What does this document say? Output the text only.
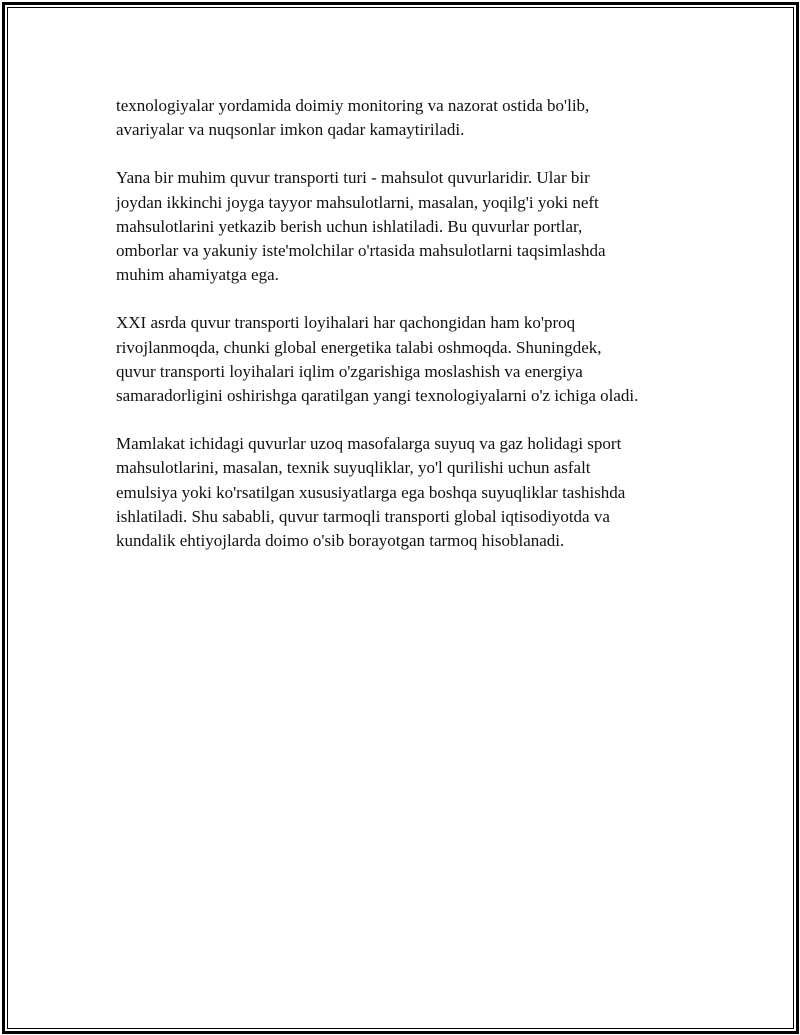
texnologiyalar yordamida doimiy monitoring va nazorat ostida bo'lib,
avariyalar va nuqsonlar imkon qadar kamaytiriladi.

Yana bir muhim quvur transporti turi - mahsulot quvurlaridir. Ular bir
joydan ikkinchi joyga tayyor mahsulotlarni, masalan, yoqilg'i yoki neft
mahsulotlarini yetkazib berish uchun ishlatiladi. Bu quvurlar portlar,
omborlar va yakuniy iste'molchilar o'rtasida mahsulotlarni taqsimlashda
muhim ahamiyatga ega.

XXI asrda quvur transporti loyihalari har qachongidan ham ko'proq
rivojlanmoqda, chunki global energetika talabi oshmoqda. Shuningdek,
quvur transporti loyihalari iqlim o'zgarishiga moslashish va energiya
samaradorligini oshirishga qaratilgan yangi texnologiyalarni o'z ichiga oladi.

Mamlakat ichidagi quvurlar uzoq masofalarga suyuq va gaz holidagi sport
mahsulotlarini, masalan, texnik suyuqliklar, yo'l qurilishi uchun asfalt
emulsiya yoki ko'rsatilgan xususiyatlarga ega boshqa suyuqliklar tashishda
ishlatiladi. Shu sababli, quvur tarmoqli transporti global iqtisodiyotda va
kundalik ehtiyojlarda doimo o'sib borayotgan tarmoq hisoblanadi.
